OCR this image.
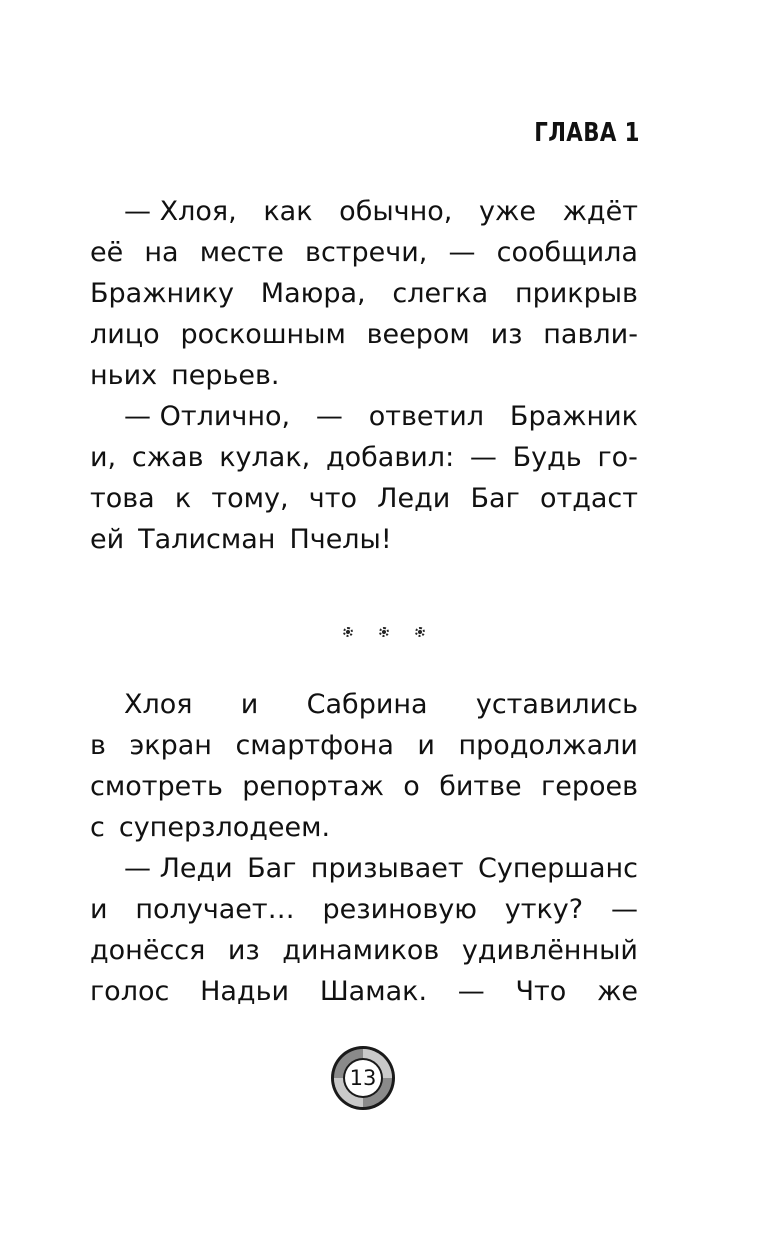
ГЛАВА 1
— Хлоя, как обычно, уже ждёт
её на месте встречи, — сообщила
Бражнику Маюра, слегка прикрыв
лицо роскошным веером из павли-
ньих перьев.
— Отлично, — ответил Бражник
и, сжав кулак, добавил: — Будь го-
това к тому, что Леди Баг отдаст
ей Талисман Пчелы!
Хлоя и Сабрина уставились
в экран смартфона и продолжали
смотреть репортаж о битве героев
с суперзлодеем.
— Леди Баг призывает Супершанс
и получает… резиновую утку? —
донёсся из динамиков удивлённый
голос Надьи Шамак. — Что же
13
